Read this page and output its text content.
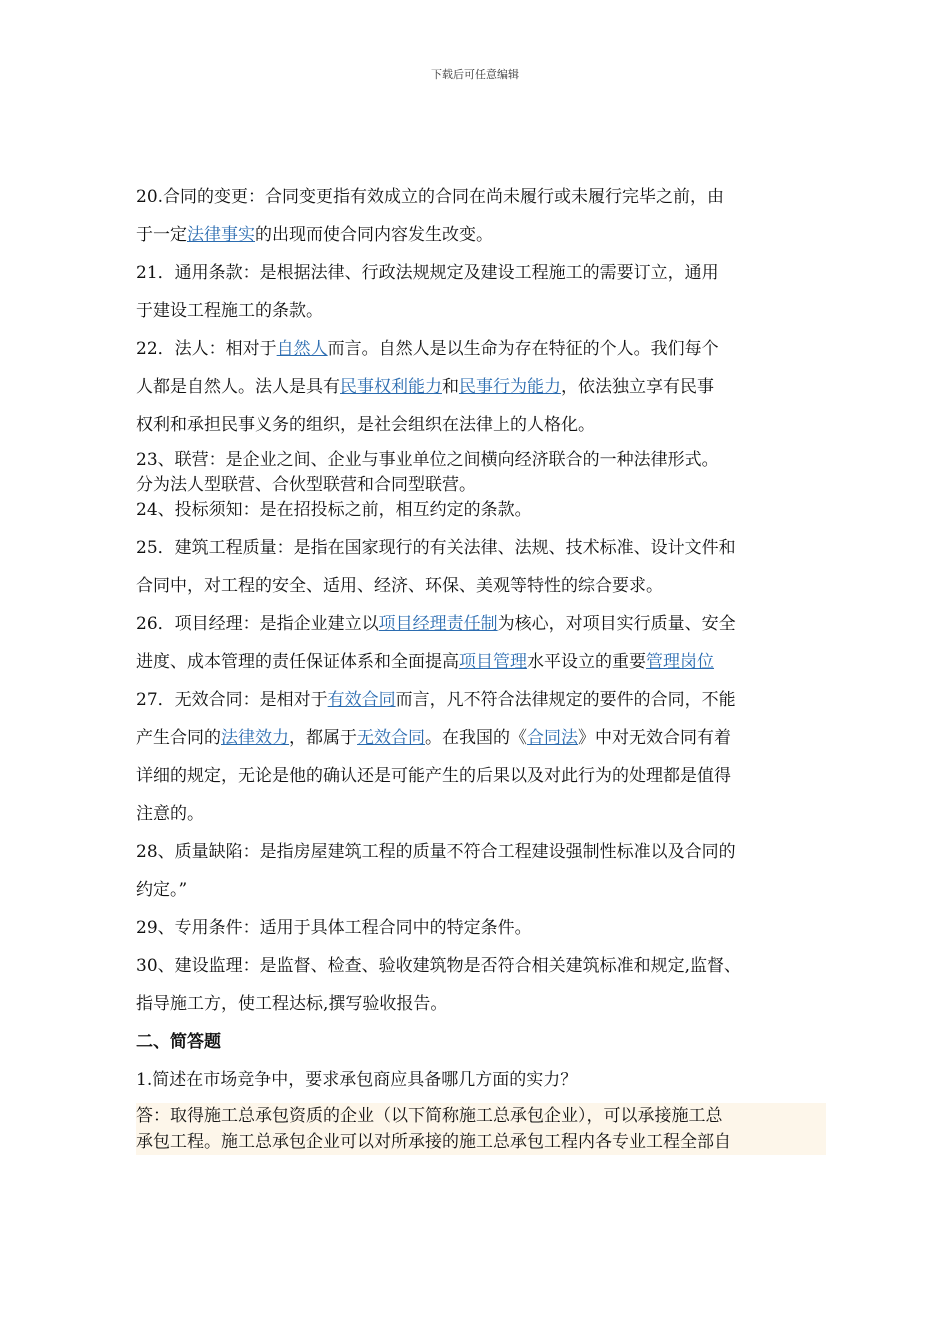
下载后可任意编辑

20.合同的变更：合同变更指有效成立的合同在尚未履行或未履行完毕之前，由

于一定法律事实的出现而使合同内容发生改变。

21．通用条款：是根据法律、行政法规规定及建设工程施工的需要订立，通用

于建设工程施工的条款。

22．法人：相对于自然人而言。自然人是以生命为存在特征的个人。我们每个

人都是自然人。法人是具有民事权利能力和民事行为能力，依法独立享有民事

权利和承担民事义务的组织，是社会组织在法律上的人格化。

23、联营：是企业之间、企业与事业单位之间横向经济联合的一种法律形式。

分为法人型联营、合伙型联营和合同型联营。

24、投标须知：是在招投标之前，相互约定的条款。

25．建筑工程质量：是指在国家现行的有关法律、法规、技术标准、设计文件和

合同中，对工程的安全、适用、经济、环保、美观等特性的综合要求。

26．项目经理：是指企业建立以项目经理责任制为核心，对项目实行质量、安全

进度、成本管理的责任保证体系和全面提高项目管理水平设立的重要管理岗位

27．无效合同：是相对于有效合同而言，凡不符合法律规定的要件的合同，不能

产生合同的法律效力，都属于无效合同。在我国的《合同法》中对无效合同有着

详细的规定，无论是他的确认还是可能产生的后果以及对此行为的处理都是值得

注意的。

28、质量缺陷：是指房屋建筑工程的质量不符合工程建设强制性标准以及合同的

约定。”

29、专用条件：适用于具体工程合同中的特定条件。

30、建设监理：是监督、检查、验收建筑物是否符合相关建筑标准和规定,监督、

指导施工方，使工程达标,撰写验收报告。

二、简答题

1.简述在市场竞争中，要求承包商应具备哪几方面的实力？

答：取得施工总承包资质的企业（以下简称施工总承包企业），可以承接施工总
承包工程。施工总承包企业可以对所承接的施工总承包工程内各专业工程全部自
